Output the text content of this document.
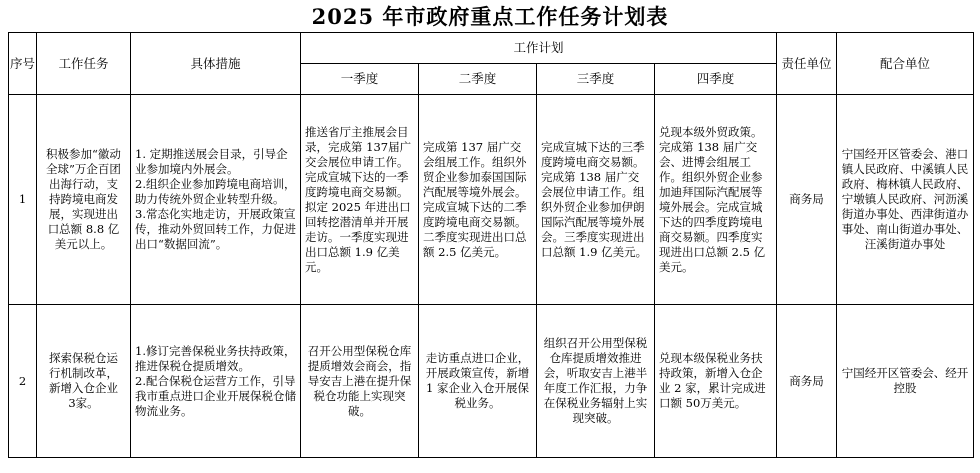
2025 年市政府重点工作任务计划表
序号	工作任务	具体措施	工作计划				责任单位	配合单位
			一季度	二季度	三季度	四季度		
1	积极参加“徽动全球”万企百团出海行动，支持跨境电商发展，实现进出口总额 8.8 亿美元以上。	1. 定期推送展会目录，引导企业参加境内外展会。
2.组织企业参加跨境电商培训，助力传统外贸企业转型升级。
3.常态化实地走访，开展政策宣传，推动外贸回转工作，力促进出口“数据回流”。	推送省厅主推展会目录，完成第 137届广交会展位申请工作。完成宣城下达的一季度跨境电商交易额。拟定 2025 年进出口回转挖潜清单并开展走访。一季度实现进出口总额 1.9 亿美元。	完成第 137 届广交会组展工作。组织外贸企业参加泰国国际汽配展等境外展会。完成宣城下达的二季度跨境电商交易额。二季度实现进出口总额 2.5 亿美元。	完成宣城下达的三季度跨境电商交易额。完成第 138 届广交会展位申请工作。组织外贸企业参加伊朗国际汽配展等境外展会。三季度实现进出口总额 1.9 亿美元。	兑现本级外贸政策。完成第 138 届广交会、进博会组展工作。组织外贸企业参加迪拜国际汽配展等境外展会。完成宣城下达的四季度跨境电商交易额。四季度实现进出口总额 2.5 亿美元。	商务局	宁国经开区管委会、港口镇人民政府、中溪镇人民政府、梅林镇人民政府、宁墩镇人民政府、河沥溪街道办事处、西津街道办事处、南山街道办事处、汪溪街道办事处
2	探索保税仓运行机制改革，新增入仓企业 3家。	1.修订完善保税业务扶持政策，推进保税仓提质增效。
2.配合保税仓运营方工作，引导我市重点进口企业开展保税仓储物流业务。	召开公用型保税仓库提质增效会商会，指导安吉上港在提升保税仓功能上实现突破。	走访重点进口企业，开展政策宣传，新增 1 家企业入仓开展保税业务。	组织召开公用型保税仓库提质增效推进会，听取安吉上港半年度工作汇报，力争在保税业务辐射上实现突破。	兑现本级保税业务扶持政策，新增入仓企业 2 家，累计完成进口额 50万美元。	商务局	宁国经开区管委会、经开控股
